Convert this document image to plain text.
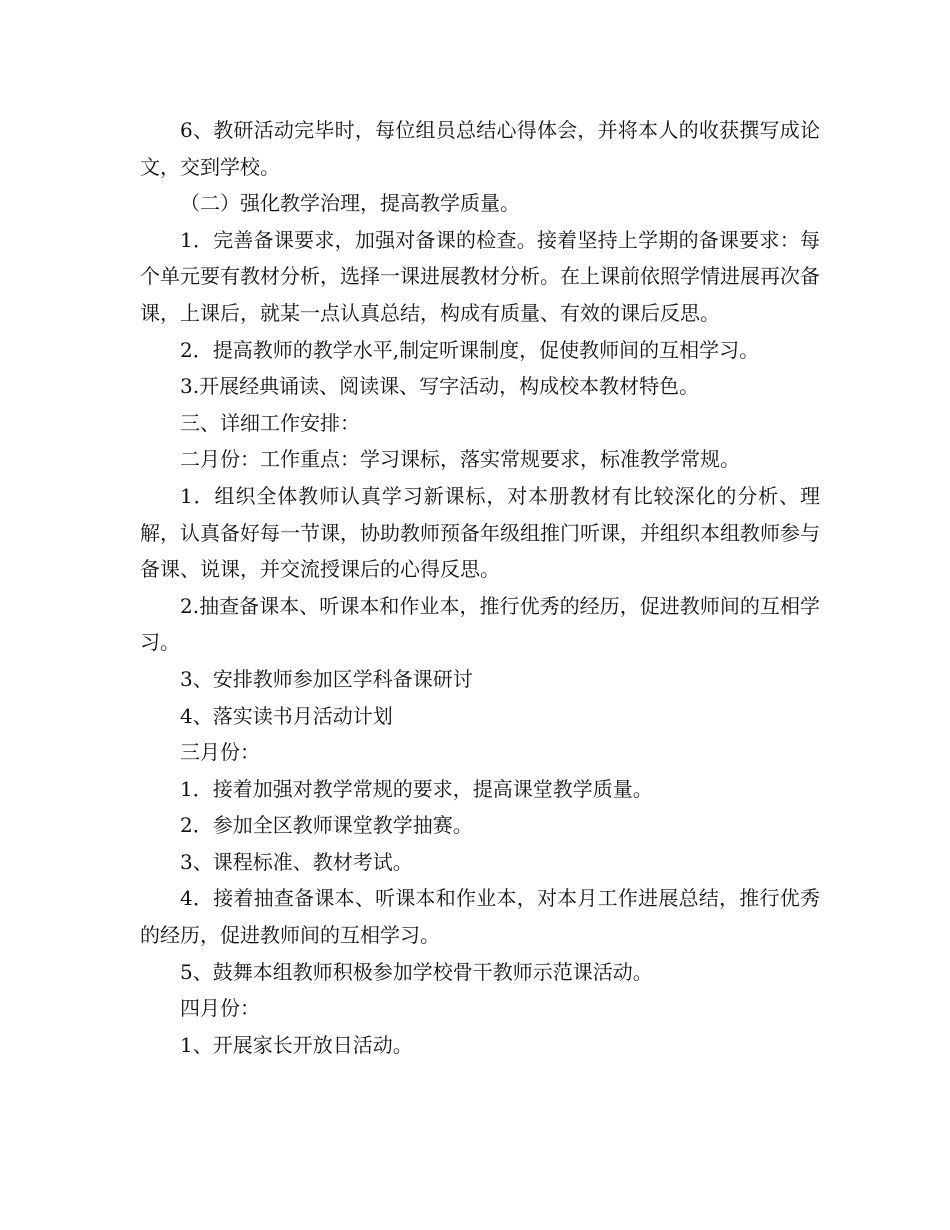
6、教研活动完毕时，每位组员总结心得体会，并将本人的收获撰写成论文，交到学校。

（二）强化教学治理，提高教学质量。

1．完善备课要求，加强对备课的检查。接着坚持上学期的备课要求：每个单元要有教材分析，选择一课进展教材分析。在上课前依照学情进展再次备课，上课后，就某一点认真总结，构成有质量、有效的课后反思。

2．提高教师的教学水平,制定听课制度，促使教师间的互相学习。

3.开展经典诵读、阅读课、写字活动，构成校本教材特色。

三、详细工作安排：

二月份：工作重点：学习课标，落实常规要求，标准教学常规。

1．组织全体教师认真学习新课标，对本册教材有比较深化的分析、理解，认真备好每一节课，协助教师预备年级组推门听课，并组织本组教师参与备课、说课，并交流授课后的心得反思。

2.抽查备课本、听课本和作业本，推行优秀的经历，促进教师间的互相学习。

3、安排教师参加区学科备课研讨

4、落实读书月活动计划

三月份：

1．接着加强对教学常规的要求，提高课堂教学质量。

2．参加全区教师课堂教学抽赛。

3、课程标准、教材考试。

4．接着抽查备课本、听课本和作业本，对本月工作进展总结，推行优秀的经历，促进教师间的互相学习。

5、鼓舞本组教师积极参加学校骨干教师示范课活动。

四月份：

1、开展家长开放日活动。
